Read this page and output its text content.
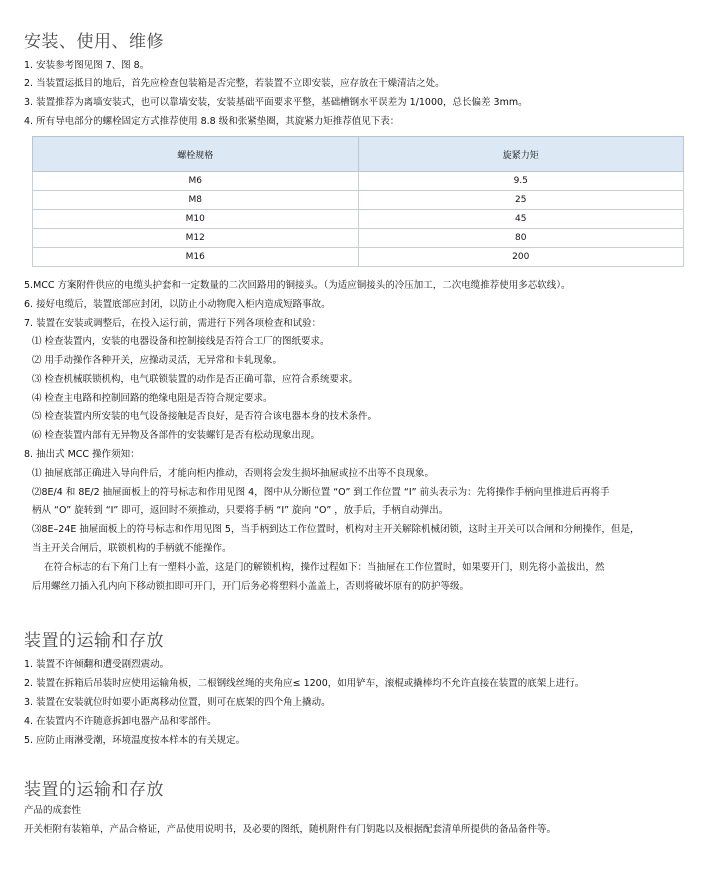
安装、使用、维修
1. 安装参考图见图 7、图 8。
2. 当装置运抵目的地后，首先应检查包装箱是否完整，若装置不立即安装，应存放在干燥清洁之处。
3. 装置推荐为离墙安装式，也可以靠墙安装，安装基础平面要求平整，基础槽钢水平误差为 1/1000，总长偏差 3mm。
4. 所有导电部分的螺栓固定方式推荐使用 8.8 级和张紧垫圈，其旋紧力矩推荐值见下表：
螺栓规格	旋紧力矩
M6	9.5
M8	25
M10	45
M12	80
M16	200
5.MCC 方案附件供应的电缆头护套和一定数量的二次回路用的铜接头。（为适应铜接头的冷压加工，二次电缆推荐使用多芯软线）。
6. 接好电缆后，装置底部应封闭，以防止小动物爬入柜内造成短路事故。
7. 装置在安装或调整后，在投入运行前，需进行下列各项检查和试验：
⑴ 检查装置内，安装的电器设备和控制接线是否符合工厂的图纸要求。
⑵ 用手动操作各种开关，应操动灵活，无异常和卡轧现象。
⑶ 检查机械联锁机构，电气联锁装置的动作是否正确可靠，应符合系统要求。
⑷ 检查主电路和控制回路的绝缘电阻是否符合规定要求。
⑸ 检查装置内所安装的电气设备接触是否良好，是否符合该电器本身的技术条件。
⑹ 检查装置内部有无异物及各部件的安装螺钉是否有松动现象出现。
8. 抽出式 MCC 操作须知：
⑴ 抽屉底部正确进入导向件后，才能向柜内推动，否则将会发生损坏抽屉或拉不出等不良现象。
⑵8E/4 和 8E/2 抽屉面板上的符号标志和作用见图 4，图中从分断位置 “O” 到工作位置 “I” 前头表示为：先将操作手柄向里推进后再将手
柄从 “O” 旋转到 “I” 即可，返回时不须推动，只要将手柄 “I” 旋向 “O” ，放手后，手柄自动弹出。
⑶8E–24E 抽屉面板上的符号标志和作用见图 5，当手柄到达工作位置时，机构对主开关解除机械闭锁，这时主开关可以合闸和分闸操作，但是，
当主开关合闸后，联锁机构的手柄就不能操作。
在符合标志的右下角门上有一塑料小盖，这是门的解锁机构，操作过程如下：当抽屉在工作位置时，如果要开门，则先将小盖拔出，然
后用螺丝刀插入孔内向下移动锁扣即可开门，开门后务必将塑料小盖盖上，否则将破坏原有的防护等级。
装置的运输和存放
1. 装置不许倾翻和遭受剧烈震动。
2. 装置在拆箱后吊装时应使用运输角板，二根钢线丝绳的夹角应≤ 1200，如用铲车，滚棍或撬棒均不允许直接在装置的底架上进行。
3. 装置在安装就位时如要小距离移动位置，则可在底架的四个角上撬动。
4. 在装置内不许随意拆卸电器产品和零部件。
5. 应防止雨淋受潮，环境温度按本样本的有关规定。
装置的运输和存放
产品的成套性
开关柜附有装箱单，产品合格证，产品使用说明书，及必要的图纸，随机附件有门钥匙以及根据配套清单所提供的备品备件等。
